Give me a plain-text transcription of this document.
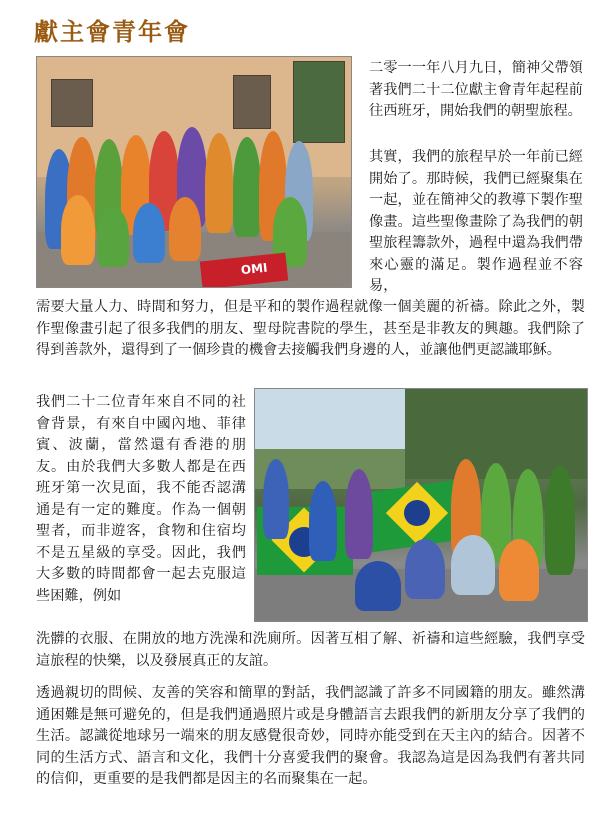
獻主會青年會
OMI

二零一一年八月九日，簡神父帶領著我們二十二位獻主會青年起程前往西班牙，開始我們的朝聖旅程。

其實，我們的旅程早於一年前已經開始了。那時候，我們已經聚集在一起，並在簡神父的教導下製作聖像畫。這些聖像畫除了為我們的朝聖旅程籌款外，過程中還為我們帶來心靈的滿足。製作過程並不容易，

需要大量人力、時間和努力，但是平和的製作過程就像一個美麗的祈禱。除此之外，製作聖像畫引起了很多我們的朋友、聖母院書院的學生，甚至是非教友的興趣。我們除了得到善款外，還得到了一個珍貴的機會去接觸我們身邊的人，並讓他們更認識耶穌。

我們二十二位青年來自不同的社會背景，有來自中國內地、菲律賓、波蘭，當然還有香港的朋友。由於我們大多數人都是在西班牙第一次見面，我不能否認溝通是有一定的難度。作為一個朝聖者，而非遊客，食物和住宿均不是五星級的享受。因此，我們大多數的時間都會一起去克服這些困難，例如

洗髒的衣服、在開放的地方洗澡和洗廁所。因著互相了解、祈禱和這些經驗，我們享受這旅程的快樂，以及發展真正的友誼。

透過親切的問候、友善的笑容和簡單的對話，我們認識了許多不同國籍的朋友。雖然溝通困難是無可避免的，但是我們通過照片或是身體語言去跟我們的新朋友分享了我們的生活。認識從地球另一端來的朋友感覺很奇妙，同時亦能受到在天主內的結合。因著不同的生活方式、語言和文化，我們十分喜愛我們的聚會。我認為這是因為我們有著共同的信仰，更重要的是我們都是因主的名而聚集在一起。
